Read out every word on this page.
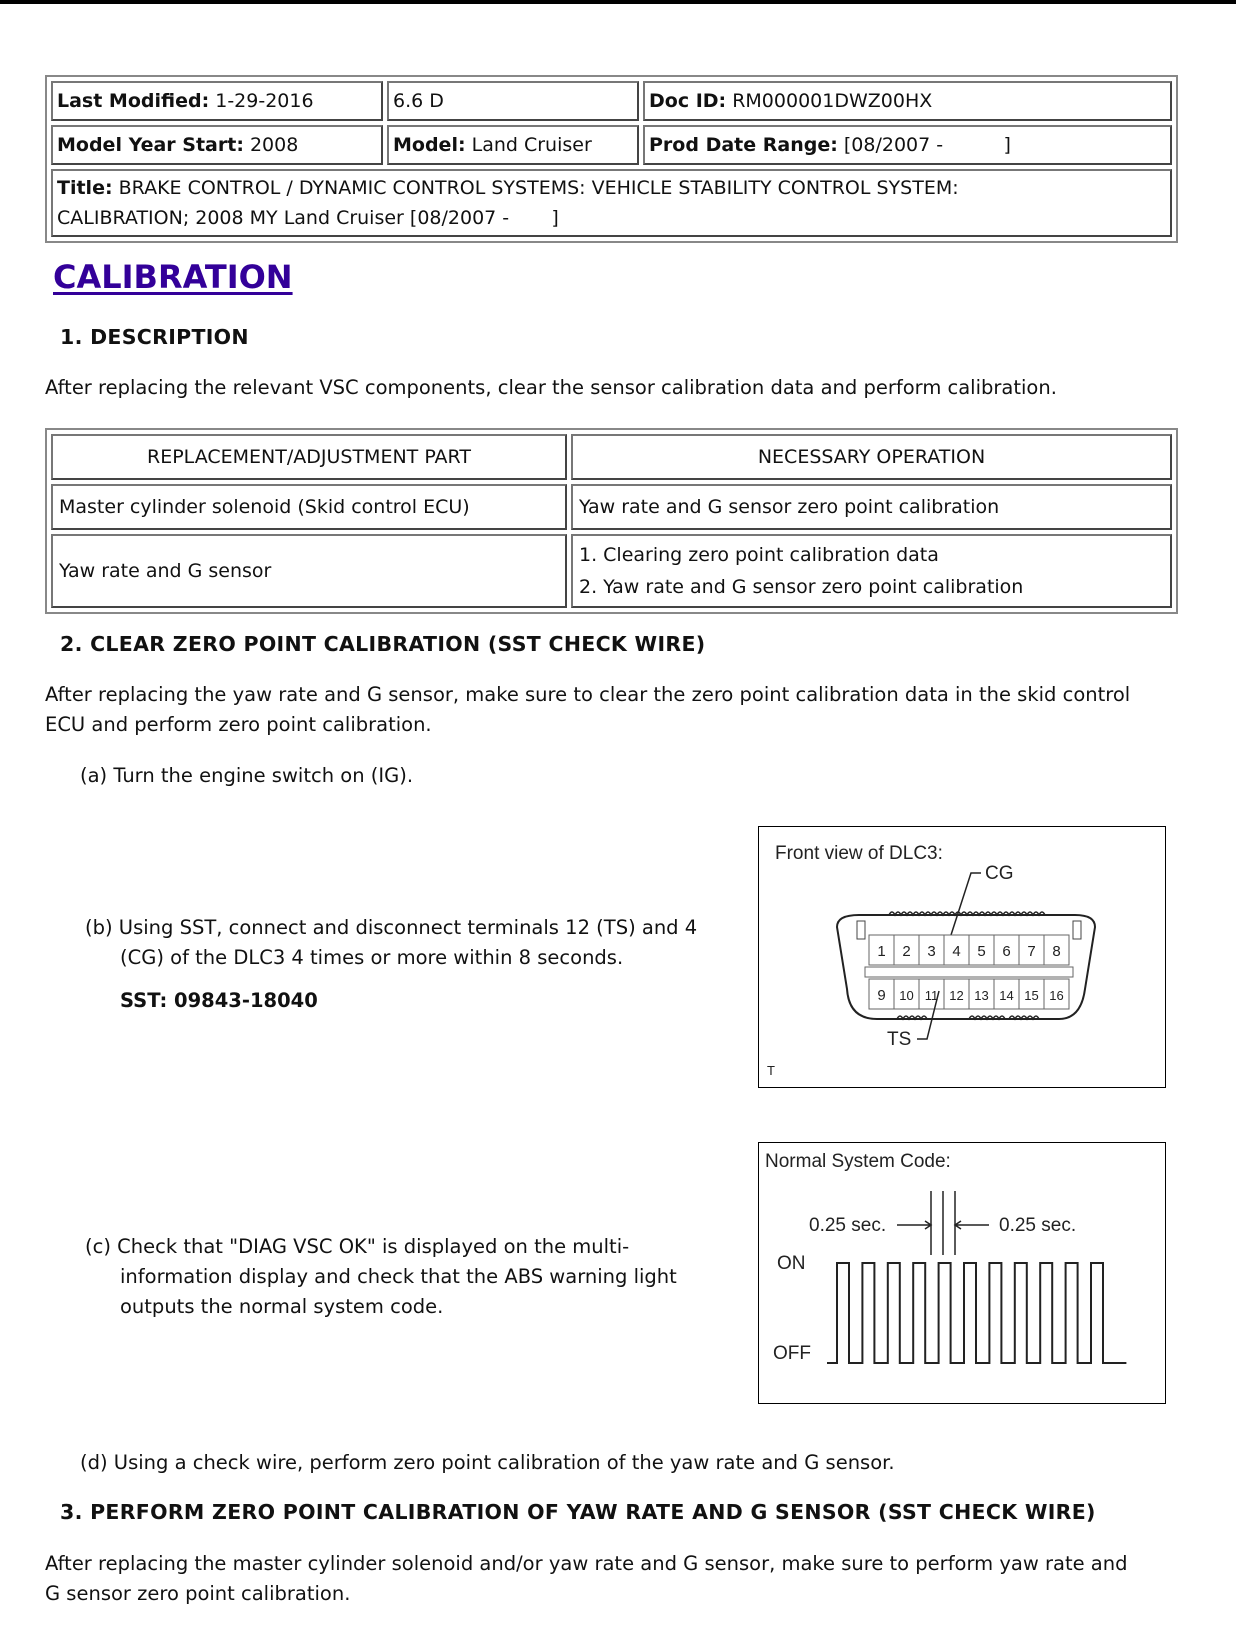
Last Modified: 1-29-2016	6.6 D	Doc ID: RM000001DWZ00HX
Model Year Start: 2008	Model: Land Cruiser	Prod Date Range: [08/2007 -          ]
Title: BRAKE CONTROL / DYNAMIC CONTROL SYSTEMS: VEHICLE STABILITY CONTROL SYSTEM:
CALIBRATION; 2008 MY Land Cruiser [08/2007 -       ]		
CALIBRATION
1. DESCRIPTION
After replacing the relevant VSC components, clear the sensor calibration data and perform calibration.
REPLACEMENT/ADJUSTMENT PART	NECESSARY OPERATION
Master cylinder solenoid (Skid control ECU)	Yaw rate and G sensor zero point calibration
Yaw rate and G sensor	1. Clearing zero point calibration data
2. Yaw rate and G sensor zero point calibration
2. CLEAR ZERO POINT CALIBRATION (SST CHECK WIRE)
After replacing the yaw rate and G sensor, make sure to clear the zero point calibration data in the skid control
ECU and perform zero point calibration.
(a) Turn the engine switch on (IG).
(b) Using SST, connect and disconnect terminals 12 (TS) and 4
(CG) of the DLC3 4 times or more within 8 seconds.
SST: 09843-18040
Front view of DLC3:
CG
1 2 3 4 5 6 7 8
9 10 11 12 13 14 15 16
TS
T
(c) Check that "DIAG VSC OK" is displayed on the multi-
information display and check that the ABS warning light
outputs the normal system code.
Normal System Code:
0.25 sec.	0.25 sec.
ON
OFF
(d) Using a check wire, perform zero point calibration of the yaw rate and G sensor.
3. PERFORM ZERO POINT CALIBRATION OF YAW RATE AND G SENSOR (SST CHECK WIRE)
After replacing the master cylinder solenoid and/or yaw rate and G sensor, make sure to perform yaw rate and
G sensor zero point calibration.
